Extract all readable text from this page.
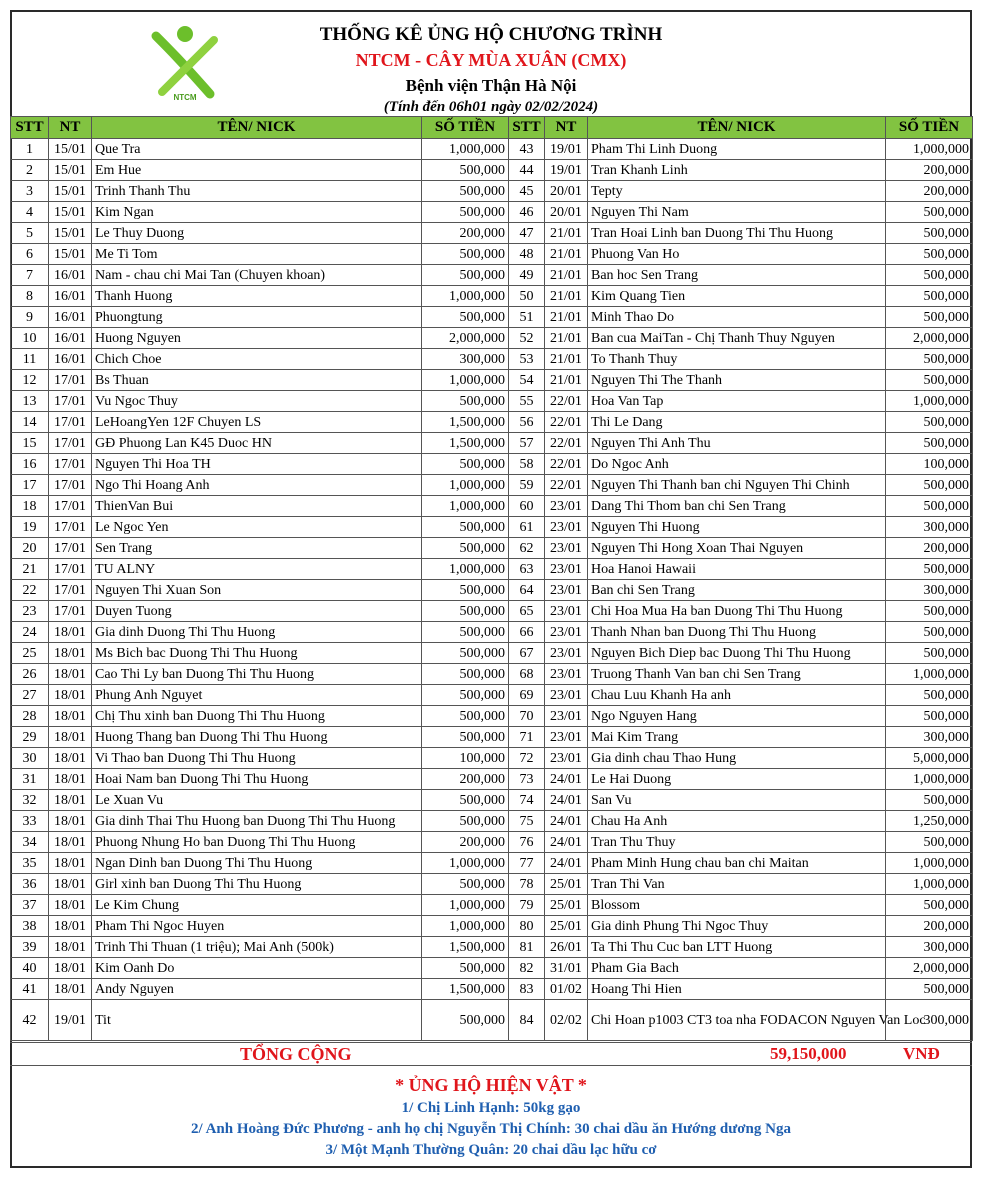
NTCM
THỐNG KÊ ỦNG HỘ CHƯƠNG TRÌNH
NTCM - CÂY MÙA XUÂN (CMX)
Bệnh viện Thận Hà Nội
(Tính đến 06h01 ngày 02/02/2024)
STT	NT	TÊN/ NICK	SỐ TIỀN	STT	NT	TÊN/ NICK	SỐ TIỀN
1	15/01	Que Tra	1,000,000	43	19/01	Pham Thi Linh Duong	1,000,000
2	15/01	Em Hue	500,000	44	19/01	Tran Khanh Linh	200,000
3	15/01	Trinh Thanh Thu	500,000	45	20/01	Tepty	200,000
4	15/01	Kim Ngan	500,000	46	20/01	Nguyen Thi Nam	500,000
5	15/01	Le Thuy Duong	200,000	47	21/01	Tran Hoai Linh ban Duong Thi Thu Huong	500,000
6	15/01	Me Ti Tom	500,000	48	21/01	Phuong Van Ho	500,000
7	16/01	Nam - chau chi Mai Tan (Chuyen khoan)	500,000	49	21/01	Ban hoc Sen Trang	500,000
8	16/01	Thanh Huong	1,000,000	50	21/01	Kim Quang Tien	500,000
9	16/01	Phuongtung	500,000	51	21/01	Minh Thao Do	500,000
10	16/01	Huong Nguyen	2,000,000	52	21/01	Ban cua MaiTan - Chị Thanh Thuy Nguyen	2,000,000
11	16/01	Chich Choe	300,000	53	21/01	To Thanh Thuy	500,000
12	17/01	Bs Thuan	1,000,000	54	21/01	Nguyen Thi The Thanh	500,000
13	17/01	Vu Ngoc Thuy	500,000	55	22/01	Hoa Van Tap	1,000,000
14	17/01	LeHoangYen 12F Chuyen LS	1,500,000	56	22/01	Thi Le Dang	500,000
15	17/01	GĐ Phuong Lan K45 Duoc HN	1,500,000	57	22/01	Nguyen Thi Anh Thu	500,000
16	17/01	Nguyen Thi Hoa TH	500,000	58	22/01	Do Ngoc Anh	100,000
17	17/01	Ngo Thi Hoang Anh	1,000,000	59	22/01	Nguyen Thi Thanh ban chi Nguyen Thi Chinh	500,000
18	17/01	ThienVan Bui	1,000,000	60	23/01	Dang Thi Thom ban chi Sen Trang	500,000
19	17/01	Le Ngoc Yen	500,000	61	23/01	Nguyen Thi Huong	300,000
20	17/01	Sen Trang	500,000	62	23/01	Nguyen Thi Hong Xoan Thai Nguyen	200,000
21	17/01	TU ALNY	1,000,000	63	23/01	Hoa Hanoi Hawaii	500,000
22	17/01	Nguyen Thi Xuan Son	500,000	64	23/01	Ban chi Sen Trang	300,000
23	17/01	Duyen Tuong	500,000	65	23/01	Chi Hoa Mua Ha ban Duong Thi Thu Huong	500,000
24	18/01	Gia dinh Duong Thi Thu Huong	500,000	66	23/01	Thanh Nhan ban Duong Thi Thu Huong	500,000
25	18/01	Ms Bich bac Duong Thi Thu Huong	500,000	67	23/01	Nguyen Bich Diep bac Duong Thi Thu Huong	500,000
26	18/01	Cao Thi Ly ban Duong Thi Thu Huong	500,000	68	23/01	Truong Thanh Van ban chi Sen Trang	1,000,000
27	18/01	Phung Anh Nguyet	500,000	69	23/01	Chau Luu Khanh Ha anh	500,000
28	18/01	Chị Thu xinh ban Duong Thi Thu Huong	500,000	70	23/01	Ngo Nguyen Hang	500,000
29	18/01	Huong Thang ban Duong Thi Thu Huong	500,000	71	23/01	Mai Kim Trang	300,000
30	18/01	Vi Thao ban Duong Thi Thu Huong	100,000	72	23/01	Gia dinh chau Thao Hung	5,000,000
31	18/01	Hoai Nam ban Duong Thi Thu Huong	200,000	73	24/01	Le Hai Duong	1,000,000
32	18/01	Le Xuan Vu	500,000	74	24/01	San Vu	500,000
33	18/01	Gia dinh Thai Thu Huong ban Duong Thi Thu Huong	500,000	75	24/01	Chau Ha Anh	1,250,000
34	18/01	Phuong Nhung Ho ban Duong Thi Thu Huong	200,000	76	24/01	Tran Thu Thuy	500,000
35	18/01	Ngan Dinh ban Duong Thi Thu Huong	1,000,000	77	24/01	Pham Minh Hung chau ban chi Maitan	1,000,000
36	18/01	Girl xinh ban Duong Thi Thu Huong	500,000	78	25/01	Tran Thi Van	1,000,000
37	18/01	Le Kim Chung	1,000,000	79	25/01	Blossom	500,000
38	18/01	Pham Thi Ngoc Huyen	1,000,000	80	25/01	Gia dinh Phung Thi Ngoc Thuy	200,000
39	18/01	Trinh Thi Thuan (1 triệu); Mai Anh (500k)	1,500,000	81	26/01	Ta Thi Thu Cuc ban LTT Huong	300,000
40	18/01	Kim Oanh Do	500,000	82	31/01	Pham Gia Bach	2,000,000
41	18/01	Andy Nguyen	1,500,000	83	01/02	Hoang Thi Hien	500,000
42	19/01	Tit	500,000	84	02/02	Chi Hoan p1003 CT3 toa nha FODACON Nguyen Van Loc	300,000
TỔNG CỘNG	59,150,000	VNĐ
* ỦNG HỘ HIỆN VẬT *
1/ Chị Linh Hạnh: 50kg gạo
2/ Anh Hoàng Đức Phương - anh họ chị Nguyễn Thị Chính: 30 chai dầu ăn Hướng dương Nga
3/ Một Mạnh Thường Quân: 20 chai dầu lạc hữu cơ
